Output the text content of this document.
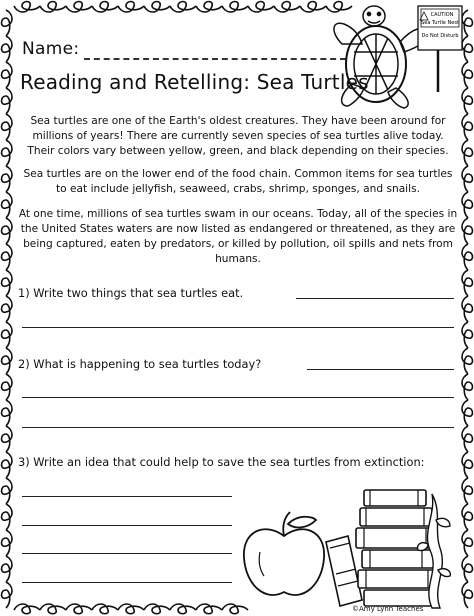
Name:
CAUTION
Sea Turtle Nest
Do Not Disturb
Reading and Retelling: Sea Turtles

Sea turtles are one of the Earth's oldest creatures. They have been around for millions of years! There are currently seven species of sea turtles alive today. Their colors vary between yellow, green, and black depending on their species.

Sea turtles are on the lower end of the food chain. Common items for sea turtles to eat include jellyfish, seaweed, crabs, shrimp, sponges, and snails.

At one time, millions of sea turtles swam in our oceans. Today, all of the species in the United States waters are now listed as endangered or threatened, as they are being captured, eaten by predators, or killed by pollution, oil spills and nets from humans.

1) Write two things that sea turtles eat.
2) What is happening to sea turtles today?
3) Write an idea that could help to save the sea turtles from extinction:
©Amy Lynn Teaches
